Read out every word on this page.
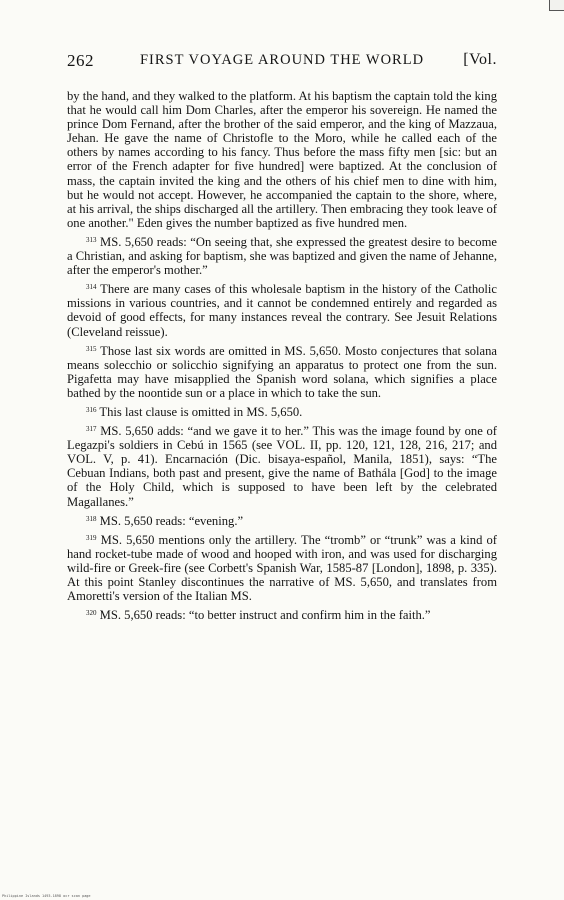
262	FIRST VOYAGE AROUND THE WORLD	[Vol.

by the hand, and they walked to the platform. At his baptism the captain told the king that he would call him Dom Charles, after the emperor his sovereign. He named the prince Dom Fernand, after the brother of the said emperor, and the king of Mazzaua, Jehan. He gave the name of Christofle to the Moro, while he called each of the others by names according to his fancy. Thus before the mass fifty men [sic: but an error of the French adapter for five hundred] were baptized. At the conclusion of mass, the captain invited the king and the others of his chief men to dine with him, but he would not accept. However, he accompanied the captain to the shore, where, at his arrival, the ships discharged all the artillery. Then embracing they took leave of one another." Eden gives the number baptized as five hundred men.

$^{313}$ MS. 5,650 reads: “On seeing that, she expressed the greatest desire to become a Christian, and asking for baptism, she was baptized and given the name of Jehanne, after the emperor's mother.”

$^{314}$ There are many cases of this wholesale baptism in the history of the Catholic missions in various countries, and it cannot be condemned entirely and regarded as devoid of good effects, for many instances reveal the contrary. See Jesuit Relations (Cleveland reissue).

$^{315}$ Those last six words are omitted in MS. 5,650. Mosto conjectures that solana means solecchio or solicchio signifying an apparatus to protect one from the sun. Pigafetta may have misapplied the Spanish word solana, which signifies a place bathed by the noontide sun or a place in which to take the sun.

$^{316}$ This last clause is omitted in MS. 5,650.

$^{317}$ MS. 5,650 adds: “and we gave it to her.” This was the image found by one of Legazpi's soldiers in Cebú in 1565 (see VOL. II, pp. 120, 121, 128, 216, 217; and VOL. V, p. 41). Encarnación (Dic. bisaya-español, Manila, 1851), says: “The Cebuan Indians, both past and present, give the name of Bathála [God] to the image of the Holy Child, which is supposed to have been left by the celebrated Magallanes.”

$^{318}$ MS. 5,650 reads: “evening.”

$^{319}$ MS. 5,650 mentions only the artillery. The “tromb” or “trunk” was a kind of hand rocket-tube made of wood and hooped with iron, and was used for discharging wild-fire or Greek-fire (see Corbett's Spanish War, 1585-87 [London], 1898, p. 335). At this point Stanley discontinues the narrative of MS. 5,650, and translates from Amoretti's version of the Italian MS.

$^{320}$ MS. 5,650 reads: “to better instruct and confirm him in the faith.”

Philippine Islands 1493-1898 ocr scan page
